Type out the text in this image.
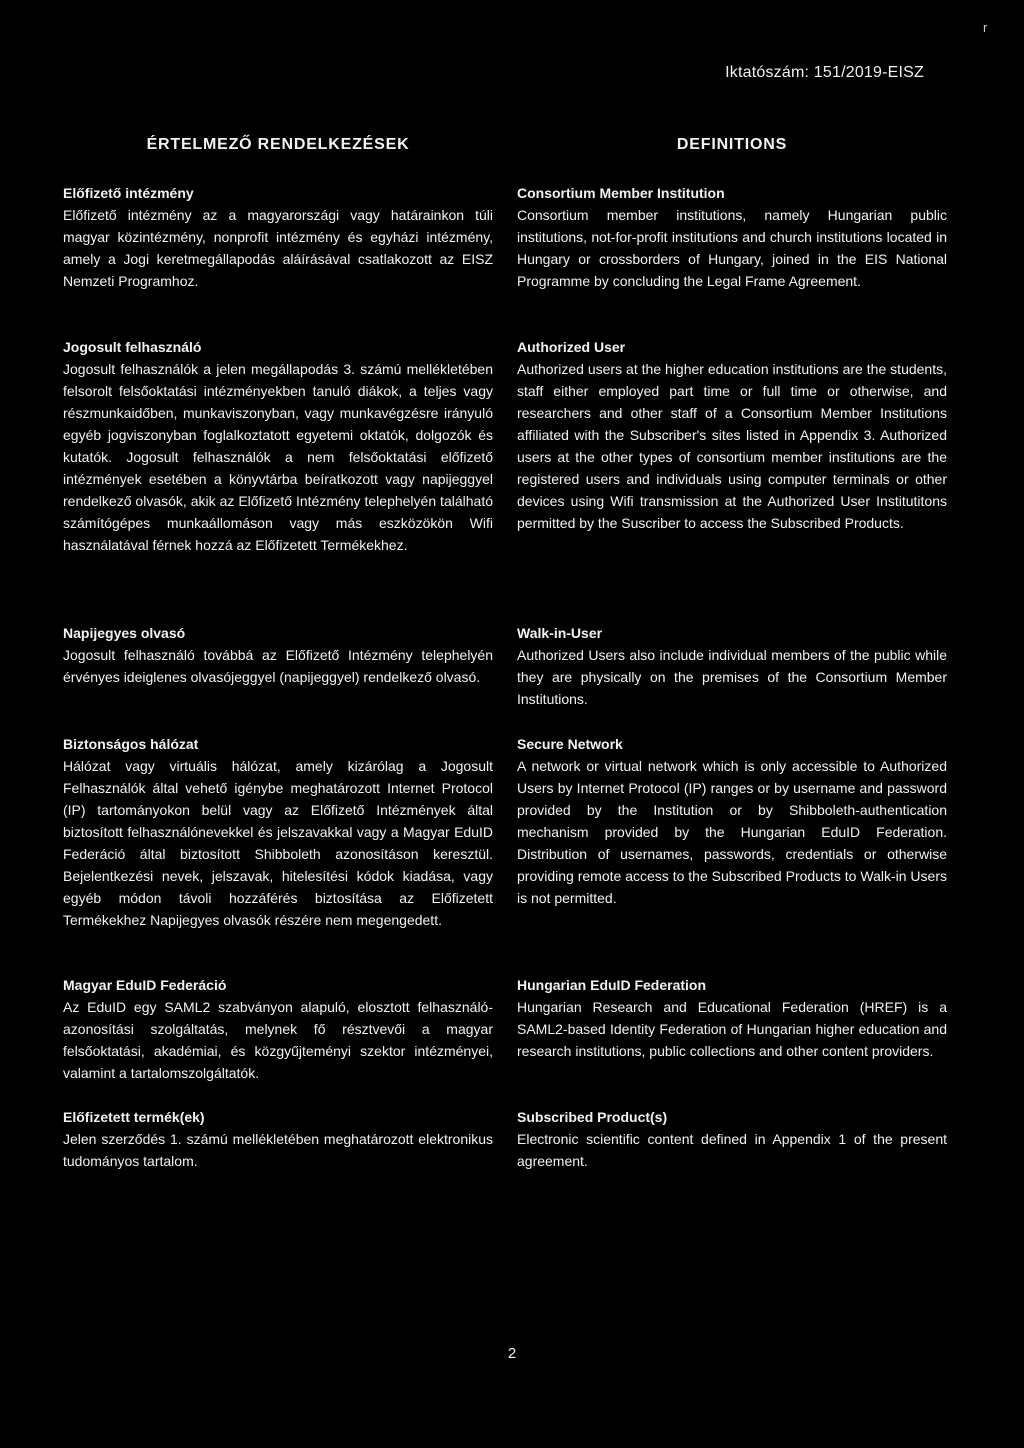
r
Iktatószám: 151/2019-EISZ
ÉRTELMEZŐ RENDELKEZÉSEK

Előfizető intézmény

Előfizető intézmény az a magyarországi vagy határainkon túli magyar közintézmény, nonprofit intézmény és egyházi intézmény, amely a Jogi keretmegállapodás aláírásával csatlakozott az EISZ Nemzeti Programhoz.

Jogosult felhasználó

Jogosult felhasználók a jelen megállapodás 3. számú mellékletében felsorolt felsőoktatási intézményekben tanuló diákok, a teljes vagy részmunkaidőben, munkaviszonyban, vagy munkavégzésre irányuló egyéb jogviszonyban foglalkoztatott egyetemi oktatók, dolgozók és kutatók. Jogosult felhasználók a nem felsőoktatási előfizető intézmények esetében a könyvtárba beíratkozott vagy napijeggyel rendelkező olvasók, akik az Előfizető Intézmény telephelyén található számítógépes munkaállomáson vagy más eszközökön Wifi használatával férnek hozzá az Előfizetett Termékekhez.

Napijegyes olvasó

Jogosult felhasználó továbbá az Előfizető Intézmény telephelyén érvényes ideiglenes olvasójeggyel (napijeggyel) rendelkező olvasó.

Biztonságos hálózat

Hálózat vagy virtuális hálózat, amely kizárólag a Jogosult Felhasználók által vehető igénybe meghatározott Internet Protocol (IP) tartományokon belül vagy az Előfizető Intézmények által biztosított felhasználónevekkel és jelszavakkal vagy a Magyar EduID Federáció által biztosított Shibboleth azonosításon keresztül. Bejelentkezési nevek, jelszavak, hitelesítési kódok kiadása, vagy egyéb módon távoli hozzáférés biztosítása az Előfizetett Termékekhez Napijegyes olvasók részére nem megengedett.

Magyar EduID Federáció

Az EduID egy SAML2 szabványon alapuló, elosztott felhasználó-azonosítási szolgáltatás, melynek fő résztvevői a magyar felsőoktatási, akadémiai, és közgyűjteményi szektor intézményei, valamint a tartalomszolgáltatók.

Előfizetett termék(ek)

Jelen szerződés 1. számú mellékletében meghatározott elektronikus tudományos tartalom.

DEFINITIONS

Consortium Member Institution

Consortium member institutions, namely Hungarian public institutions, not-for-profit institutions and church institutions located in Hungary or crossborders of Hungary, joined in the EIS National Programme by concluding the Legal Frame Agreement.

Authorized User

Authorized users at the higher education institutions are the students, staff either employed part time or full time or otherwise, and researchers and other staff of a Consortium Member Institutions affiliated with the Subscriber's sites listed in Appendix 3. Authorized users at the other types of consortium member institutions are the registered users and individuals using computer terminals or other devices using Wifi transmission at the Authorized User Institutitons permitted by the Suscriber to access the Subscribed Products.

Walk-in-User

Authorized Users also include individual members of the public while they are physically on the premises of the Consortium Member Institutions.

Secure Network

A network or virtual network which is only accessible to Authorized Users by Internet Protocol (IP) ranges or by username and password provided by the Institution or by Shibboleth-authentication mechanism provided by the Hungarian EduID Federation. Distribution of usernames, passwords, credentials or otherwise providing remote access to the Subscribed Products to Walk-in Users is not permitted.

Hungarian EduID Federation

Hungarian Research and Educational Federation (HREF) is a SAML2-based Identity Federation of Hungarian higher education and research institutions, public collections and other content providers.

Subscribed Product(s)

Electronic scientific content defined in Appendix 1 of the present agreement.

2
